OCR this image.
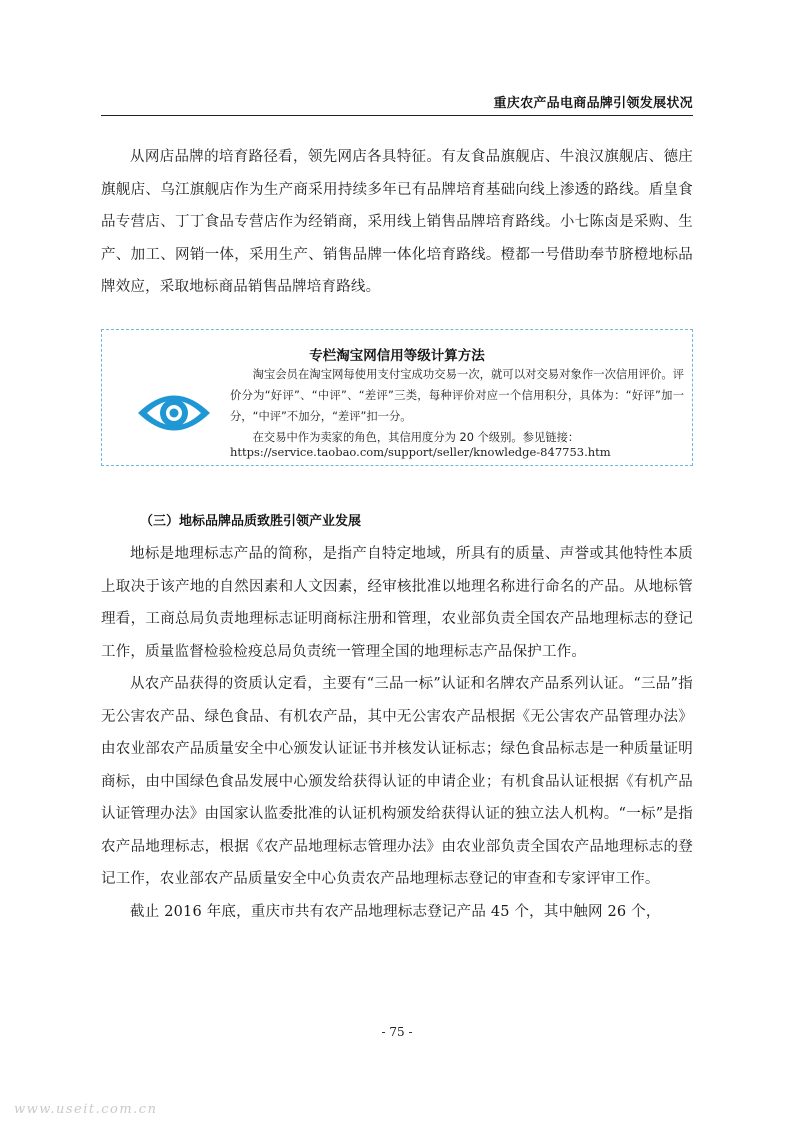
重庆农产品电商品牌引领发展状况

从网店品牌的培育路径看，领先网店各具特征。有友食品旗舰店、牛浪汉旗舰店、德庄旗舰店、乌江旗舰店作为生产商采用持续多年已有品牌培育基础向线上渗透的路线。盾皇食品专营店、丁丁食品专营店作为经销商，采用线上销售品牌培育路线。小七陈卤是采购、生产、加工、网销一体，采用生产、销售品牌一体化培育路线。橙都一号借助奉节脐橙地标品牌效应，采取地标商品销售品牌培育路线。

专栏淘宝网信用等级计算方法

淘宝会员在淘宝网每使用支付宝成功交易一次，就可以对交易对象作一次信用评价。评价分为“好评”、“中评”、“差评”三类，每种评价对应一个信用积分，具体为：“好评”加一分，“中评”不加分，“差评”扣一分。

在交易中作为卖家的角色，其信用度分为 20 个级别。参见链接：

https://service.taobao.com/support/seller/knowledge-847753.htm
（三）地标品牌品质致胜引领产业发展

地标是地理标志产品的简称，是指产自特定地域，所具有的质量、声誉或其他特性本质上取决于该产地的自然因素和人文因素，经审核批准以地理名称进行命名的产品。从地标管理看，工商总局负责地理标志证明商标注册和管理，农业部负责全国农产品地理标志的登记工作，质量监督检验检疫总局负责统一管理全国的地理标志产品保护工作。

从农产品获得的资质认定看，主要有“三品一标”认证和名牌农产品系列认证。“三品”指无公害农产品、绿色食品、有机农产品，其中无公害农产品根据《无公害农产品管理办法》由农业部农产品质量安全中心颁发认证证书并核发认证标志；绿色食品标志是一种质量证明商标，由中国绿色食品发展中心颁发给获得认证的申请企业；有机食品认证根据《有机产品认证管理办法》由国家认监委批准的认证机构颁发给获得认证的独立法人机构。“一标”是指农产品地理标志，根据《农产品地理标志管理办法》由农业部负责全国农产品地理标志的登记工作，农业部农产品质量安全中心负责农产品地理标志登记的审查和专家评审工作。

截止 2016 年底，重庆市共有农产品地理标志登记产品 45 个，其中触网 26 个，

- 75 -
www.useit.com.cn
